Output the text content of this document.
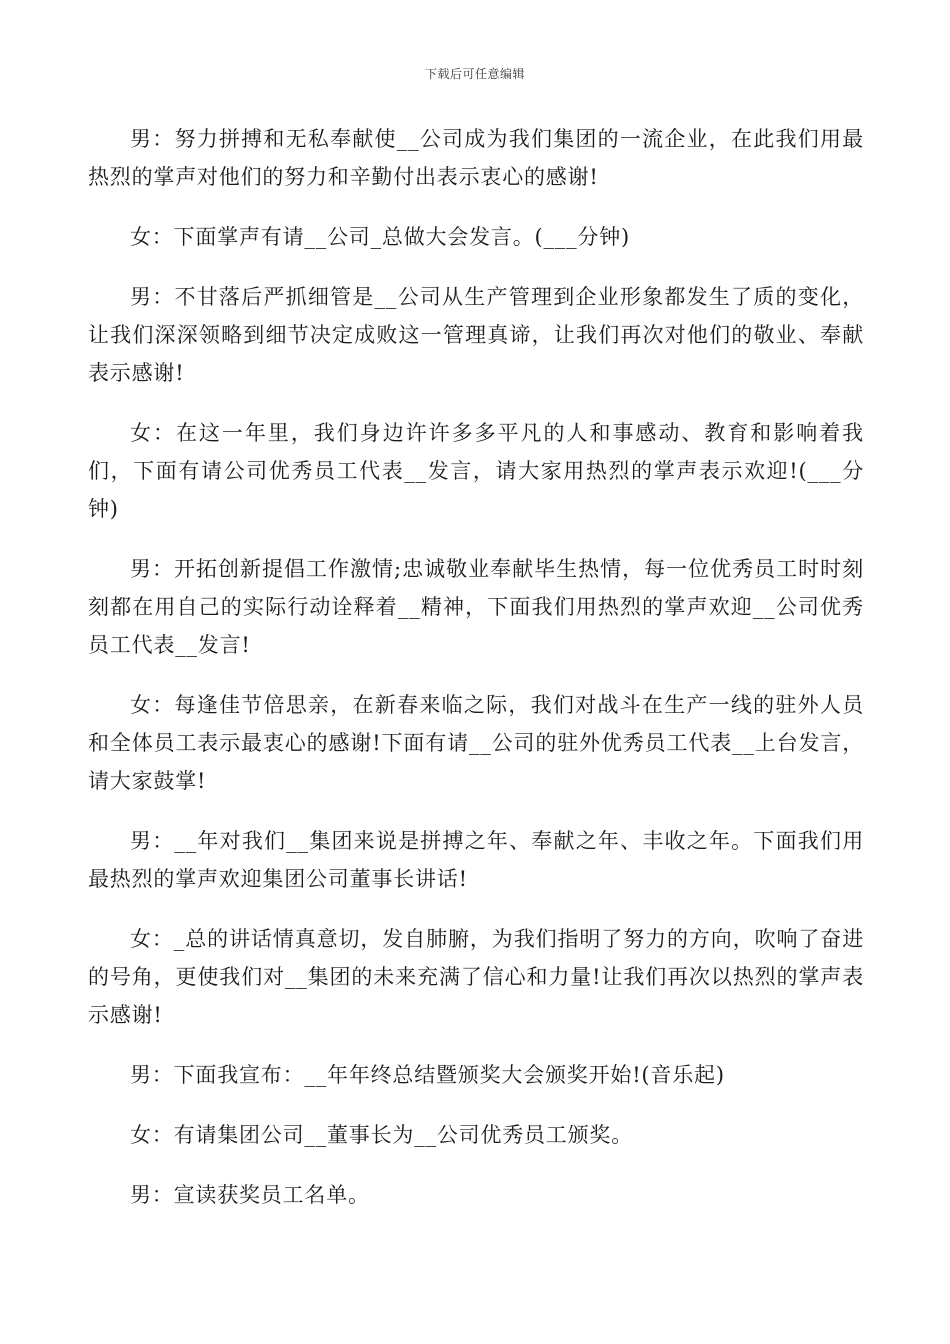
下载后可任意编辑

男：努力拼搏和无私奉献使__公司成为我们集团的一流企业，在此我们用最热烈的掌声对他们的努力和辛勤付出表示衷心的感谢!

女：下面掌声有请__公司_总做大会发言。(___分钟)

男：不甘落后严抓细管是__公司从生产管理到企业形象都发生了质的变化，让我们深深领略到细节决定成败这一管理真谛，让我们再次对他们的敬业、奉献表示感谢!

女：在这一年里，我们身边许许多多平凡的人和事感动、教育和影响着我们，下面有请公司优秀员工代表__发言，请大家用热烈的掌声表示欢迎!(___分钟)

男：开拓创新提倡工作激情;忠诚敬业奉献毕生热情，每一位优秀员工时时刻刻都在用自己的实际行动诠释着__精神，下面我们用热烈的掌声欢迎__公司优秀员工代表__发言!

女：每逢佳节倍思亲，在新春来临之际，我们对战斗在生产一线的驻外人员和全体员工表示最衷心的感谢!下面有请__公司的驻外优秀员工代表__上台发言，请大家鼓掌!

男：__年对我们__集团来说是拼搏之年、奉献之年、丰收之年。下面我们用最热烈的掌声欢迎集团公司董事长讲话!

女：_总的讲话情真意切，发自肺腑，为我们指明了努力的方向，吹响了奋进的号角，更使我们对__集团的未来充满了信心和力量!让我们再次以热烈的掌声表示感谢!

男：下面我宣布：__年年终总结暨颁奖大会颁奖开始!(音乐起)

女：有请集团公司__董事长为__公司优秀员工颁奖。

男：宣读获奖员工名单。
